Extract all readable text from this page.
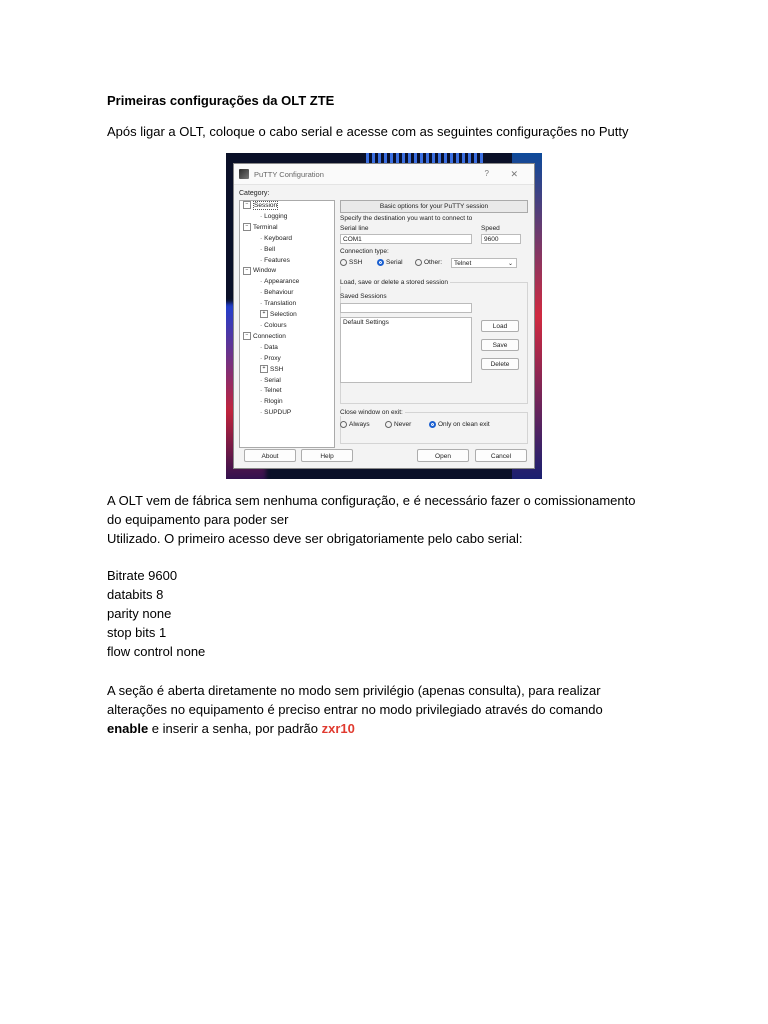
Primeiras configurações da OLT ZTE
Após ligar a OLT, coloque o cabo serial e acesse com as seguintes configurações no Putty
PuTTY Configuration	? ✕
Category:
− Session
· Logging
− Terminal
· Keyboard
· Bell
· Features
− Window
· Appearance
· Behaviour
· Translation
+ Selection
· Colours
− Connection
· Data
· Proxy
+ SSH
· Serial
· Telnet
· Rlogin
· SUPDUP
Basic options for your PuTTY session
Specify the destination you want to connect to
Serial line	Speed
COM1	9600
Connection type:
SSH	Serial	Other:	Telnet	⌄
Load, save or delete a stored session
Saved Sessions
Default Settings
Load
Save
Delete
Close window on exit:
Always	Never	Only on clean exit
About	Help	Open	Cancel
A OLT vem de fábrica sem nenhuma configuração, e é necessário fazer o comissionamento
do equipamento para poder ser
Utilizado. O primeiro acesso deve ser obrigatoriamente pelo cabo serial:
Bitrate 9600
databits 8
parity none
stop bits 1
flow control none
A seção é aberta diretamente no modo sem privilégio (apenas consulta), para realizar
alterações no equipamento é preciso entrar no modo privilegiado através do comando
enable e inserir a senha, por padrão zxr10
